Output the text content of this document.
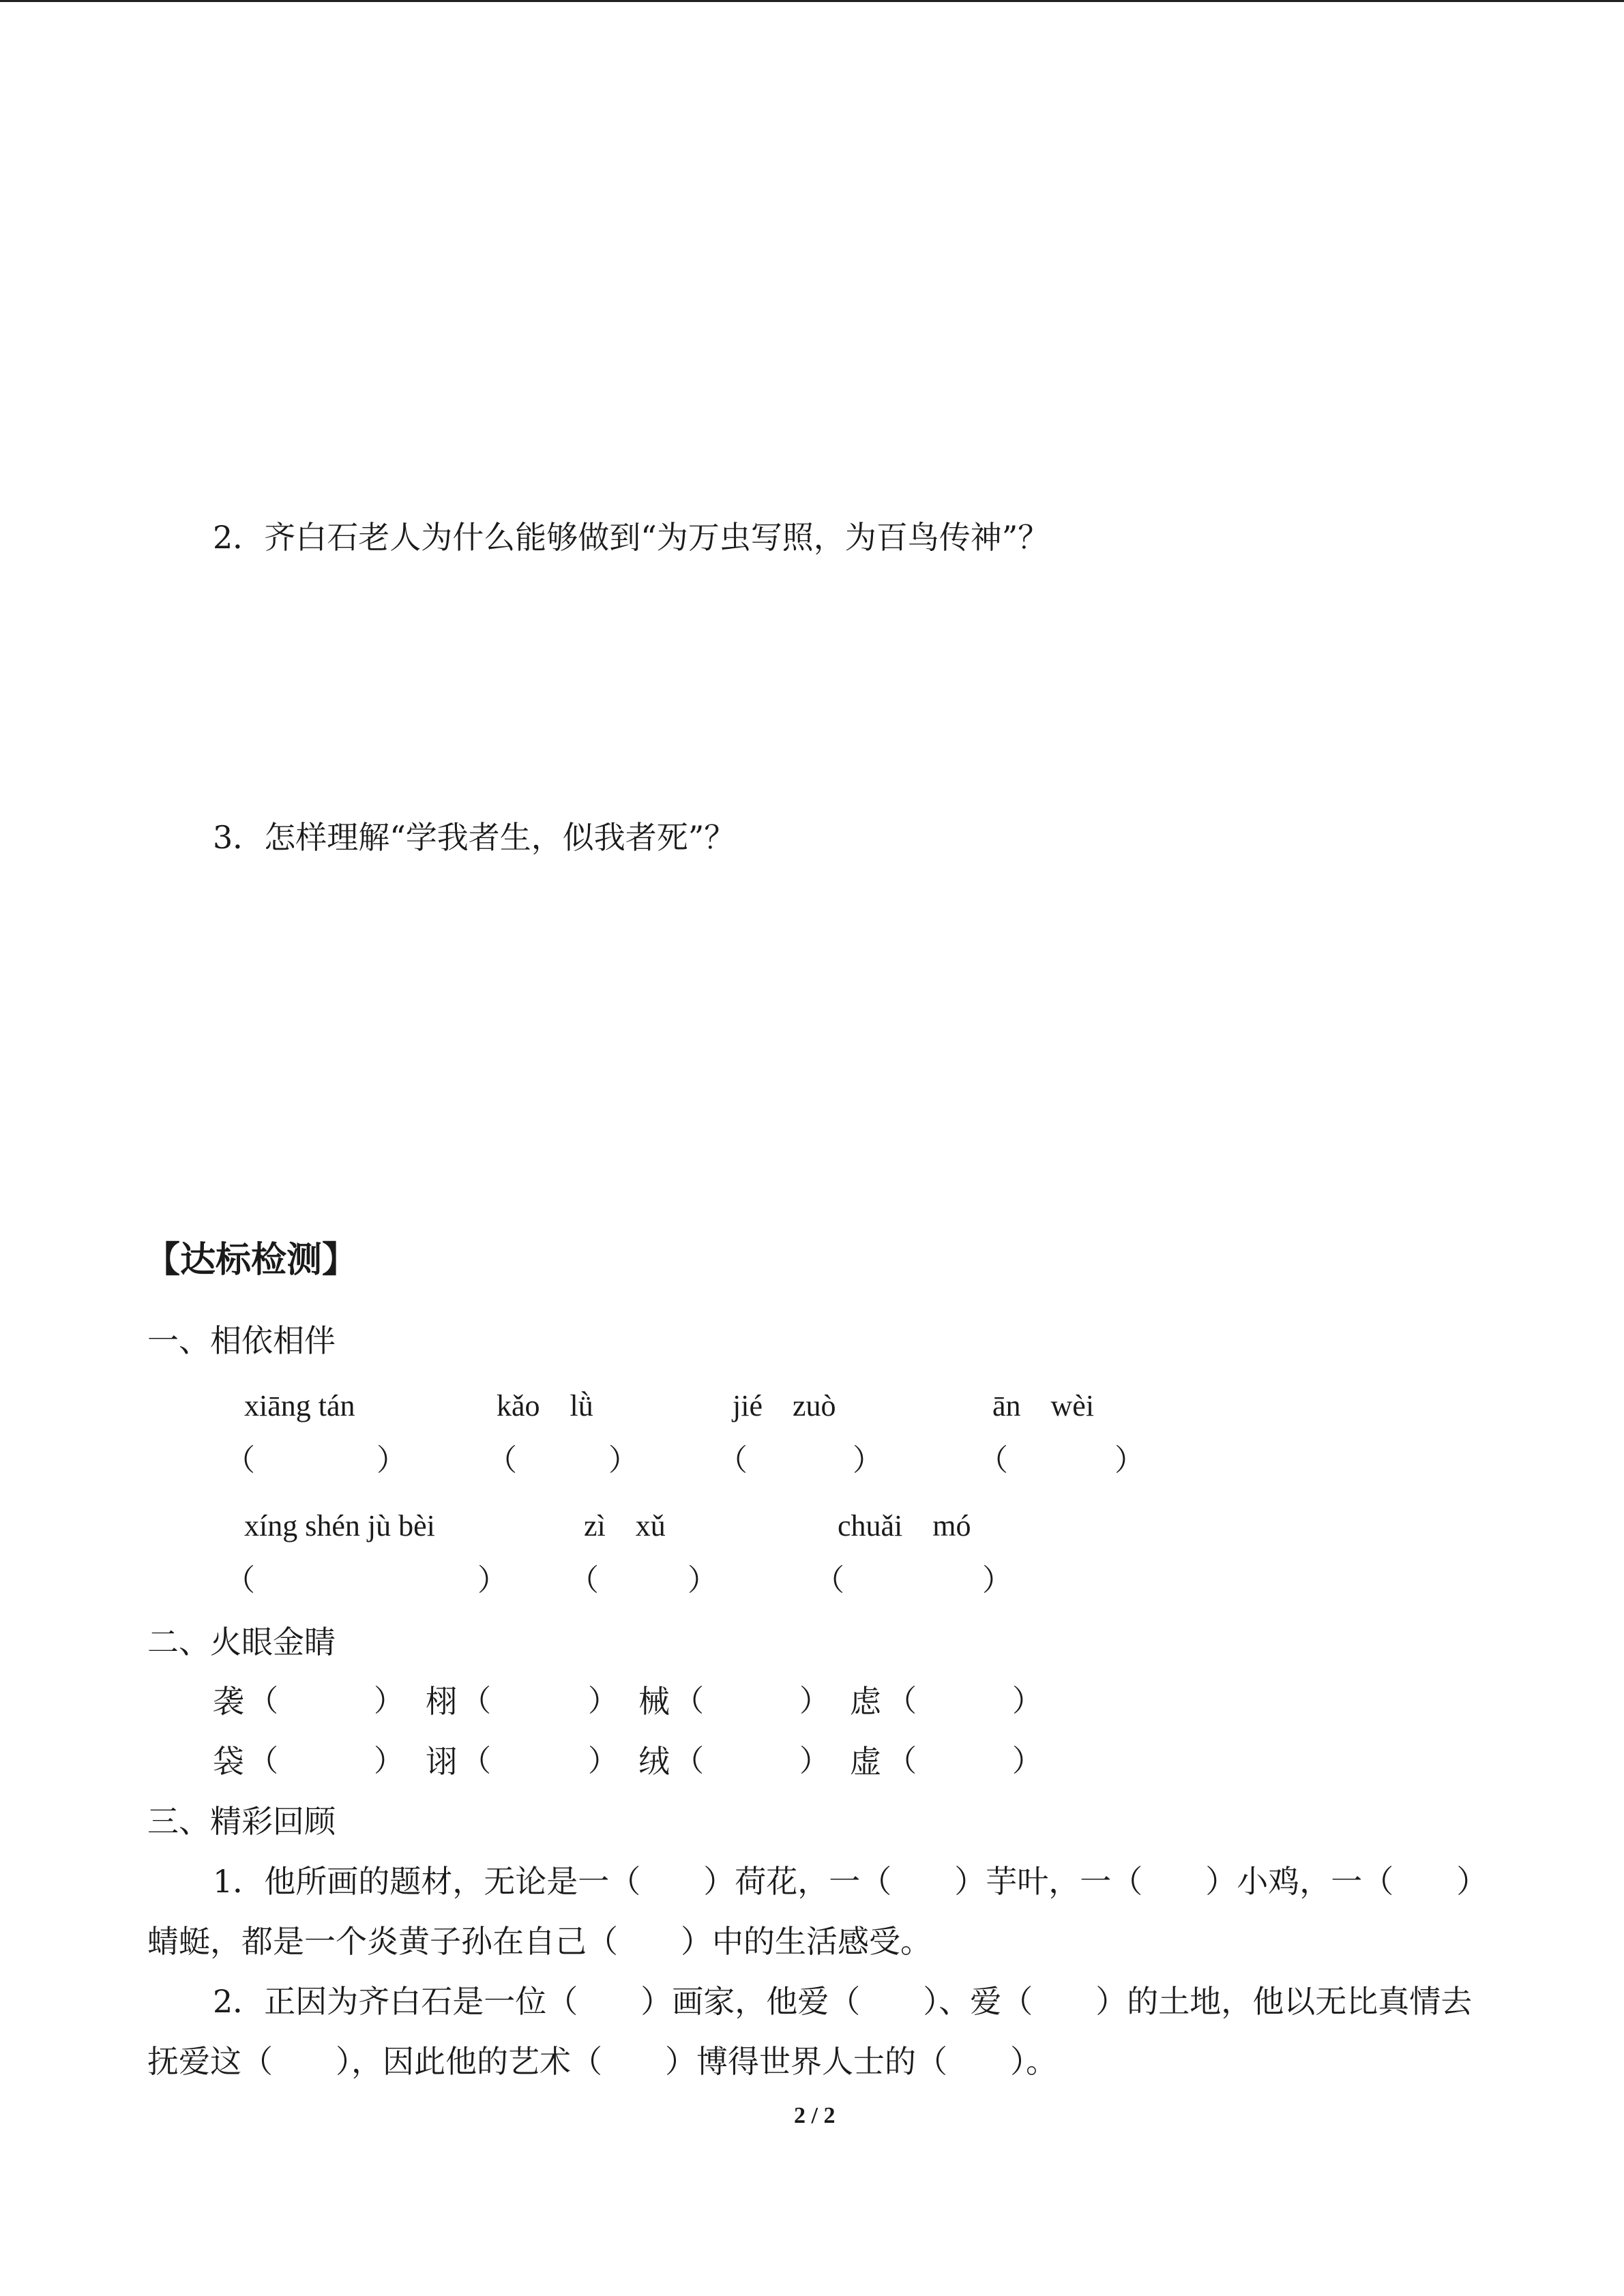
2．齐白石老人为什么能够做到“为万虫写照，为百鸟传神”？
3．怎样理解“学我者生，似我者死”？
【达标检测】
一、相依相伴
xiāng tán	kǎo　lǜ	jié　zuò	ān　wèi
（	）	（	）	（	）	（	）
xíng shén jù bèi	zì　xǔ	chuǎi　mó
（	） （	）	（	）
二、火眼金睛
袭 （	） 栩 （	） 械 （	） 虑 （	）
袋 （	） 诩 （	） 绒 （	） 虚 （	）
三、精彩回顾
1．他所画的题材，无论是一（　　）荷花，一（　　）芋叶，一（　　）小鸡，一（　　）
蜻蜓，都是一个炎黄子孙在自己（　　）中的生活感受。
2．正因为齐白石是一位（　　）画家，他爱（　　）、爱（　　）的土地，他以无比真情去
抚爱这（　　），因此他的艺术（　　）博得世界人士的（　　）。
2 / 2
